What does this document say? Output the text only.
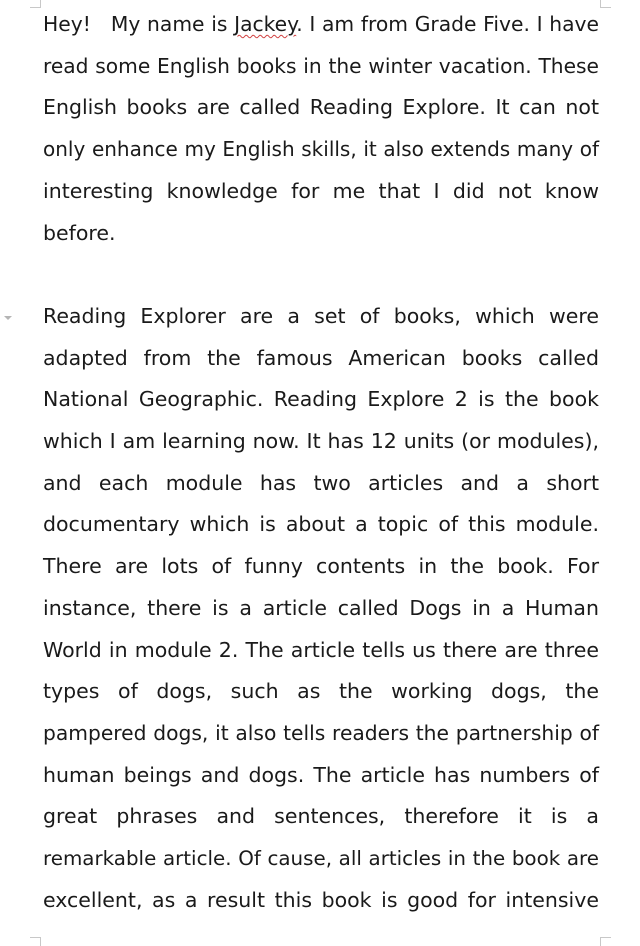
Hey!   My name is Jackey. I am from Grade Five. I have
read some English books in the winter vacation. These
English books are called Reading Explore. It can not
only enhance my English skills, it also extends many of
interesting knowledge for me that I did not know
before.

Reading Explorer are a set of books, which were
adapted from the famous American books called
National Geographic. Reading Explore 2 is the book
which I am learning now. It has 12 units (or modules),
and each module has two articles and a short
documentary which is about a topic of this module.
There are lots of funny contents in the book. For
instance, there is a article called Dogs in a Human
World in module 2. The article tells us there are three
types of dogs, such as the working dogs, the
pampered dogs, it also tells readers the partnership of
human beings and dogs. The article has numbers of
great phrases and sentences, therefore it is a
remarkable article. Of cause, all articles in the book are
excellent, as a result this book is good for intensive
